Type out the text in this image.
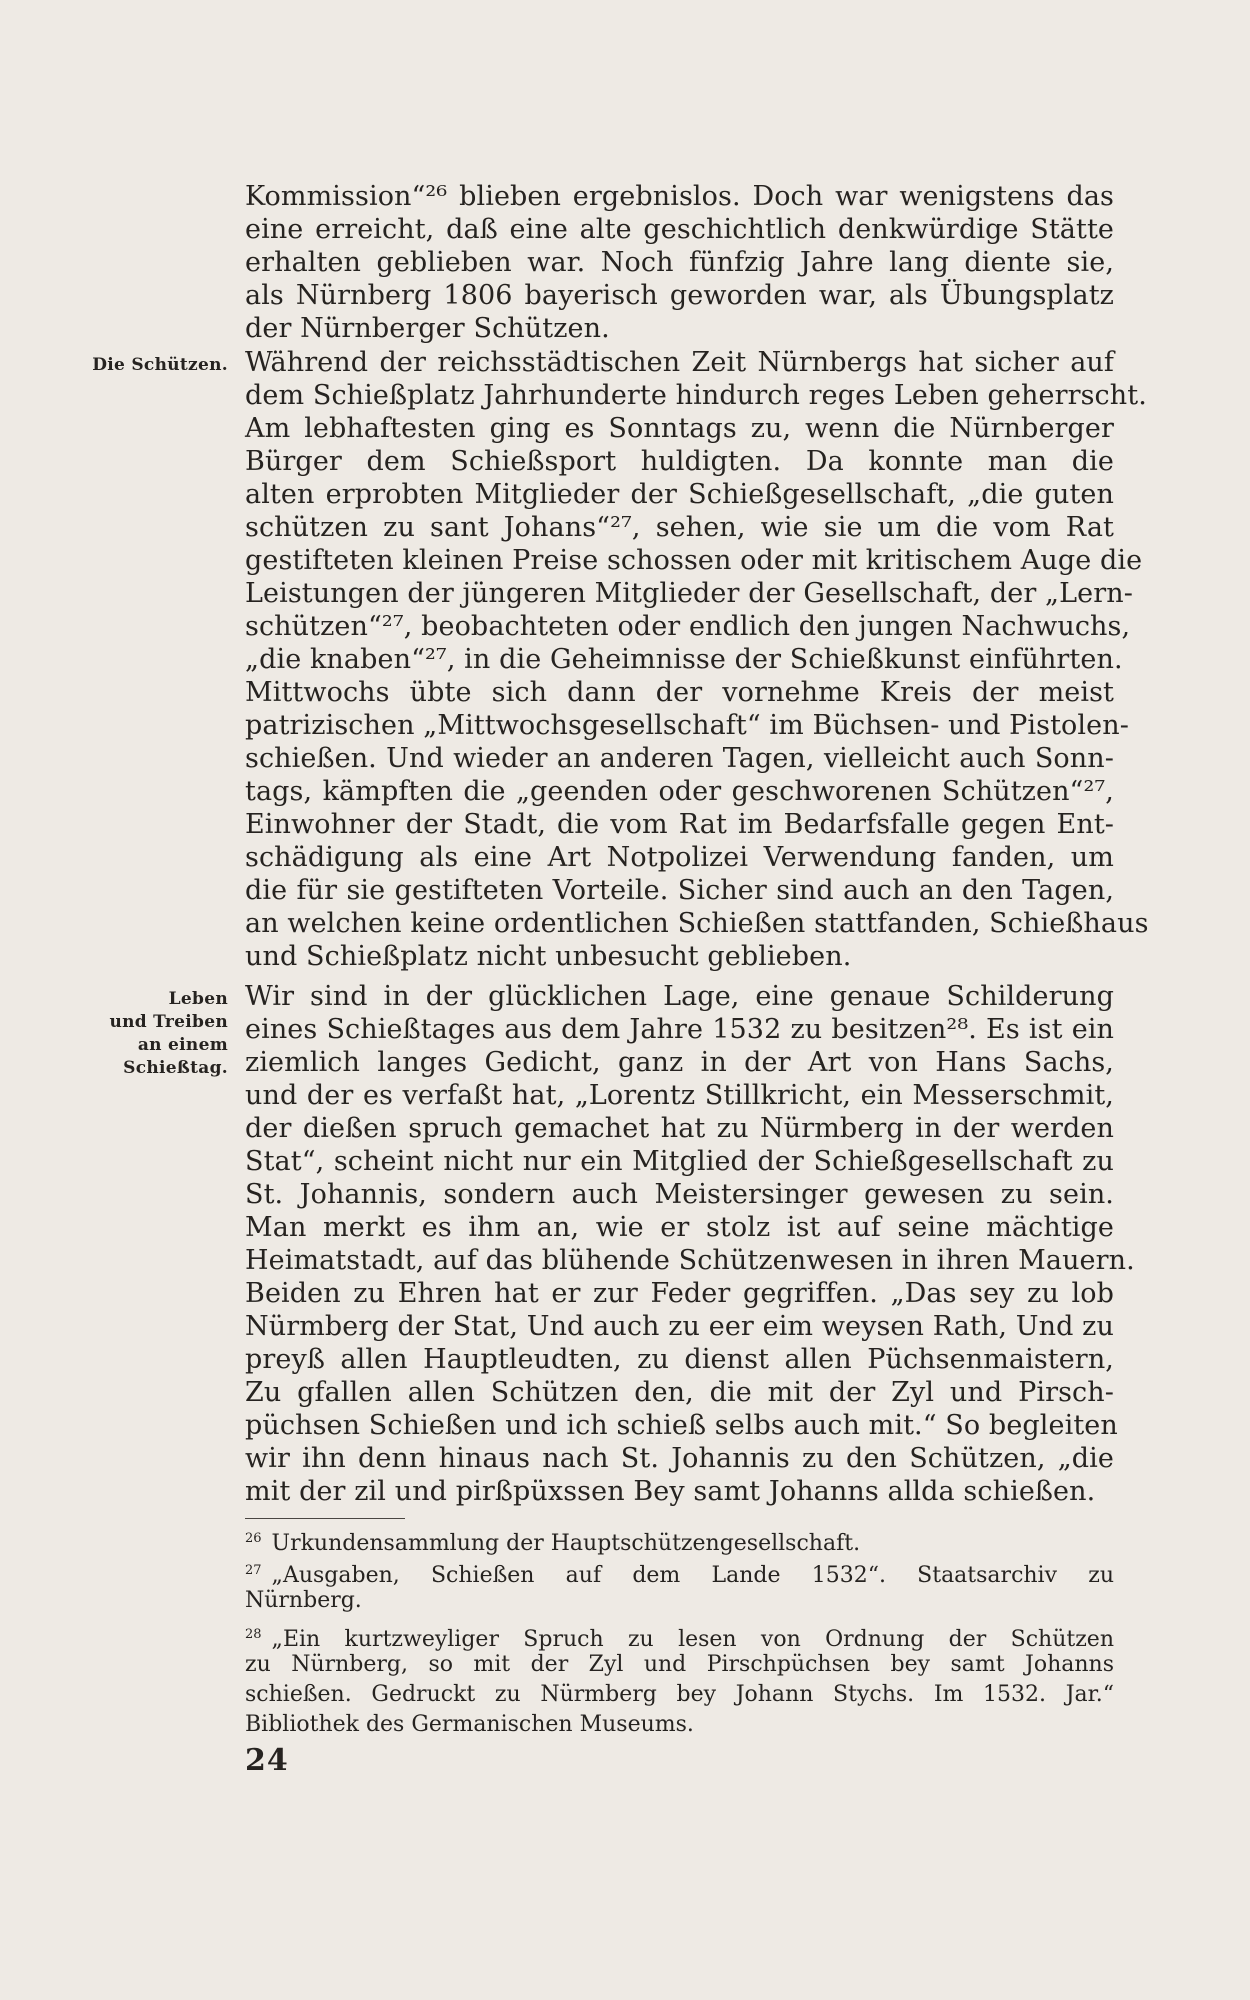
Die Schützen.
Leben
und Treiben
an einem
Schießtag.
Kommission“²⁶ blieben ergebnislos. Doch war wenigstens das
eine erreicht, daß eine alte geschichtlich denkwürdige Stätte
erhalten geblieben war. Noch fünfzig Jahre lang diente sie,
als Nürnberg 1806 bayerisch geworden war, als Übungsplatz
der Nürnberger Schützen.
Während der reichsstädtischen Zeit Nürnbergs hat sicher auf
dem Schießplatz Jahrhunderte hindurch reges Leben geherrscht.
Am lebhaftesten ging es Sonntags zu, wenn die Nürnberger
Bürger dem Schießsport huldigten. Da konnte man die
alten erprobten Mitglieder der Schießgesellschaft, „die guten
schützen zu sant Johans“²⁷, sehen, wie sie um die vom Rat
gestifteten kleinen Preise schossen oder mit kritischem Auge die
Leistungen der jüngeren Mitglieder der Gesellschaft, der „Lern-
schützen“²⁷, beobachteten oder endlich den jungen Nachwuchs,
„die knaben“²⁷, in die Geheimnisse der Schießkunst einführten.
Mittwochs übte sich dann der vornehme Kreis der meist
patrizischen „Mittwochsgesellschaft“ im Büchsen- und Pistolen-
schießen. Und wieder an anderen Tagen, vielleicht auch Sonn-
tags, kämpften die „geenden oder geschworenen Schützen“²⁷,
Einwohner der Stadt, die vom Rat im Bedarfsfalle gegen Ent-
schädigung als eine Art Notpolizei Verwendung fanden, um
die für sie gestifteten Vorteile. Sicher sind auch an den Tagen,
an welchen keine ordentlichen Schießen stattfanden, Schießhaus
und Schießplatz nicht unbesucht geblieben.
Wir sind in der glücklichen Lage, eine genaue Schilderung
eines Schießtages aus dem Jahre 1532 zu besitzen²⁸. Es ist ein
ziemlich langes Gedicht, ganz in der Art von Hans Sachs,
und der es verfaßt hat, „Lorentz Stillkricht, ein Messerschmit,
der dießen spruch gemachet hat zu Nürmberg in der werden
Stat“, scheint nicht nur ein Mitglied der Schießgesellschaft zu
St. Johannis, sondern auch Meistersinger gewesen zu sein.
Man merkt es ihm an, wie er stolz ist auf seine mächtige
Heimatstadt, auf das blühende Schützenwesen in ihren Mauern.
Beiden zu Ehren hat er zur Feder gegriffen. „Das sey zu lob
Nürmberg der Stat, Und auch zu eer eim weysen Rath, Und zu
preyß allen Hauptleudten, zu dienst allen Püchsenmaistern,
Zu gfallen allen Schützen den, die mit der Zyl und Pirsch-
püchsen Schießen und ich schieß selbs auch mit.“ So begleiten
wir ihn denn hinaus nach St. Johannis zu den Schützen, „die
mit der zil und pirßpüxssen Bey samt Johanns allda schießen.
$^{26}$ Urkundensammlung der Hauptschützengesellschaft.
$^{27}$ „Ausgaben, Schießen auf dem Lande 1532“. Staatsarchiv zu
Nürnberg.
$^{28}$ „Ein kurtzweyliger Spruch zu lesen von Ordnung der Schützen
zu Nürnberg, so mit der Zyl und Pirschpüchsen bey samt Johanns
schießen. Gedruckt zu Nürmberg bey Johann Stychs. Im 1532. Jar.“
Bibliothek des Germanischen Museums.
24
